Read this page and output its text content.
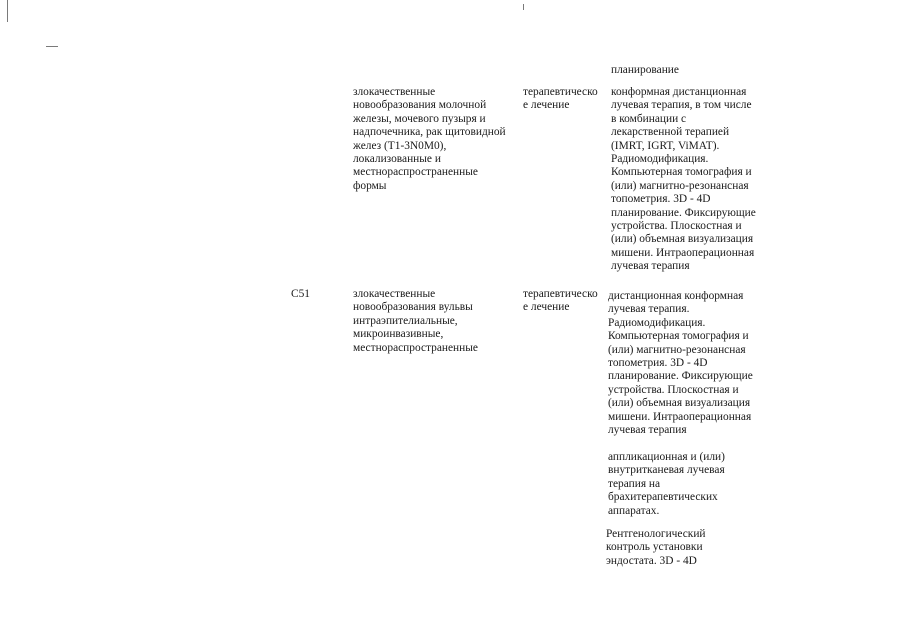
планирование
злокачественные
новообразования молочной
железы, мочевого пузыря и
надпочечника, рак щитовидной
желез (T1-3N0M0),
локализованные и
местнораспространенные
формы
терапевтическо
е лечение
конформная дистанционная
лучевая терапия, в том числе
в комбинации с
лекарственной терапией
(IMRT, IGRT, ViMAT).
Радиомодификация.
Компьютерная томография и
(или) магнитно-резонансная
топометрия. 3D - 4D
планирование. Фиксирующие
устройства. Плоскостная и
(или) объемная визуализация
мишени. Интраоперационная
лучевая терапия
C51	злокачественные
новообразования вульвы
интраэпителиальные,
микроинвазивные,
местнораспространенные
терапевтическо
е лечение
дистанционная конформная
лучевая терапия.
Радиомодификация.
Компьютерная томография и
(или) магнитно-резонансная
топометрия. 3D - 4D
планирование. Фиксирующие
устройства. Плоскостная и
(или) объемная визуализация
мишени. Интраоперационная
лучевая терапия
аппликационная и (или)
внутритканевая лучевая
терапия на
брахитерапевтических
аппаратах.
Рентгенологический
контроль установки
эндостата. 3D - 4D
